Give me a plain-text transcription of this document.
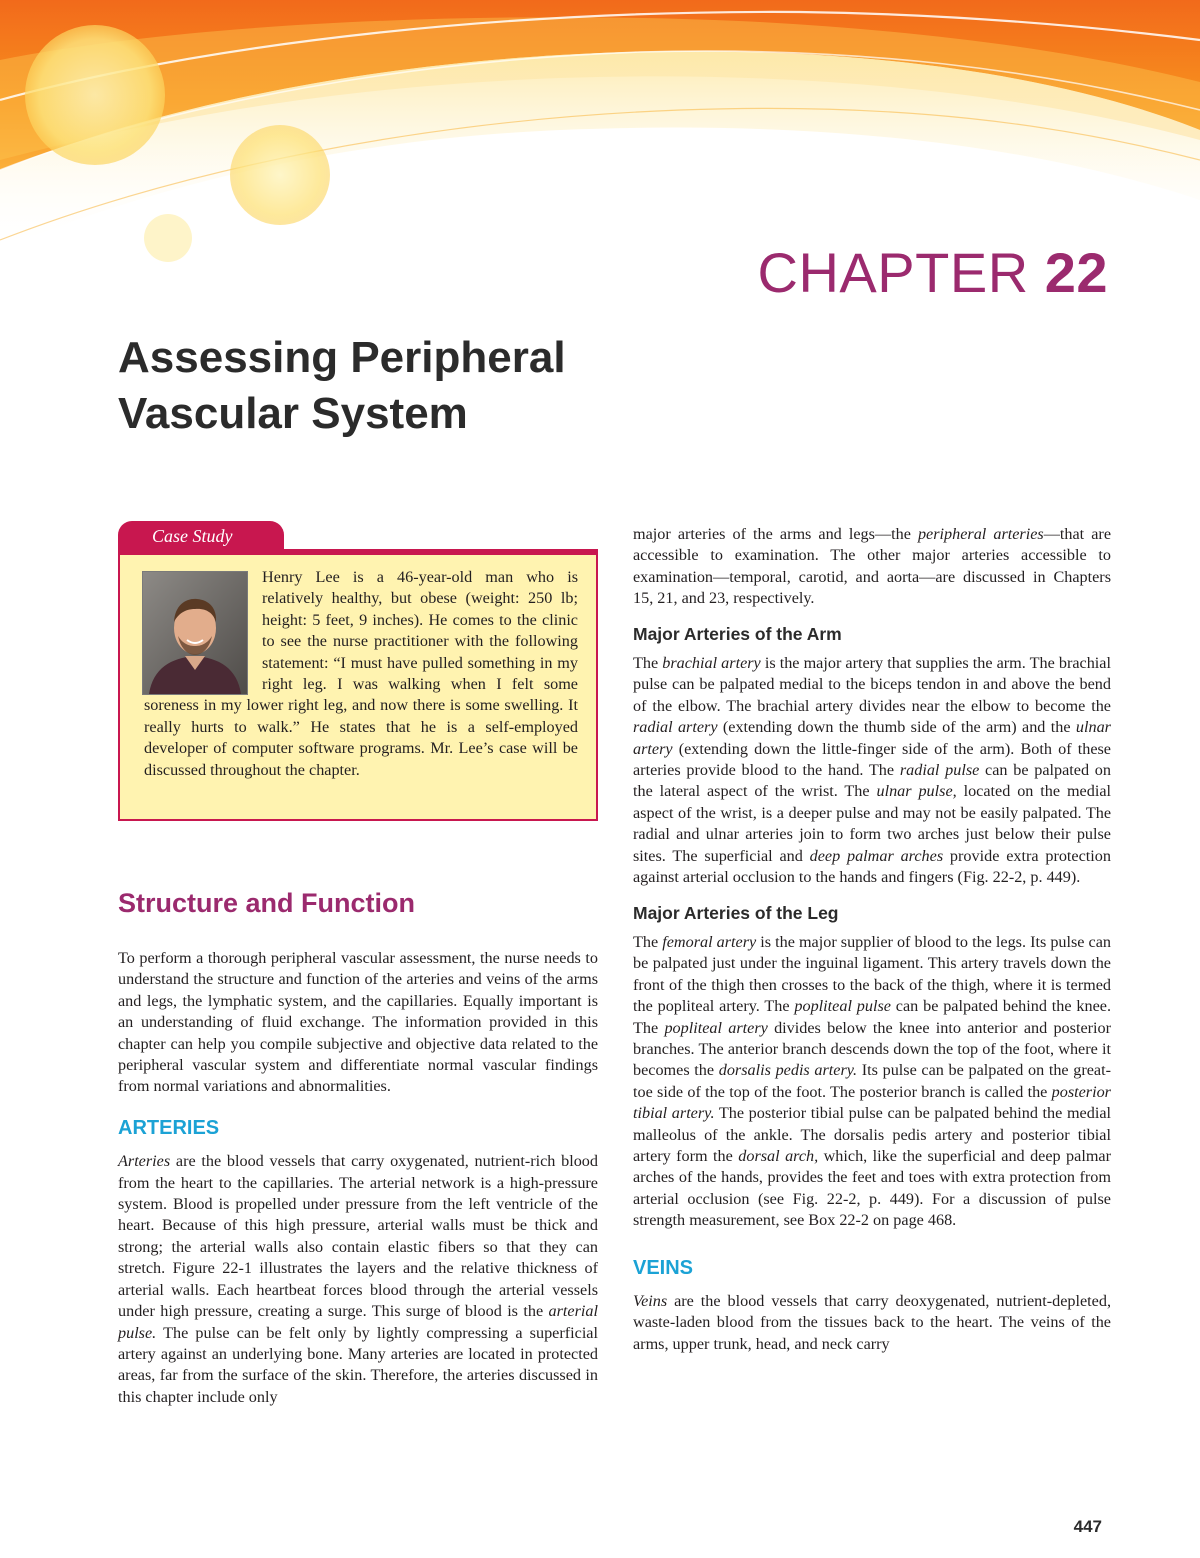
CHAPTER 22
Assessing Peripheral
Vascular System
Case Study

Henry Lee is a 46-year-old man who is relatively healthy, but obese (weight: 250 lb; height: 5 feet, 9 inches). He comes to the clinic to see the nurse practitioner with the following statement: “I must have pulled something in my right leg. I was walking when I felt some soreness in my lower right leg, and now there is some swelling. It really hurts to walk.” He states that he is a self-employed developer of computer software programs. Mr. Lee’s case will be discussed throughout the chapter.

Structure and Function

To perform a thorough peripheral vascular assessment, the nurse needs to understand the structure and function of the arteries and veins of the arms and legs, the lymphatic system, and the capillaries. Equally important is an understanding of fluid exchange. The information provided in this chapter can help you compile subjective and objective data related to the peripheral vascular system and differentiate normal vascular findings from normal variations and abnormalities.

ARTERIES

Arteries are the blood vessels that carry oxygenated, nutrient-rich blood from the heart to the capillaries. The arterial network is a high-pressure system. Blood is propelled under pressure from the left ventricle of the heart. Because of this high pressure, arterial walls must be thick and strong; the arterial walls also contain elastic fibers so that they can stretch. Figure 22-1 illustrates the layers and the relative thickness of arterial walls. Each heartbeat forces blood through the arterial vessels under high pressure, creating a surge. This surge of blood is the arterial pulse. The pulse can be felt only by lightly compressing a superficial artery against an underlying bone. Many arteries are located in protected areas, far from the surface of the skin. Therefore, the arteries discussed in this chapter include only

major arteries of the arms and legs—the peripheral arteries—that are accessible to examination. The other major arteries accessible to examination—temporal, carotid, and aorta—are discussed in Chapters 15, 21, and 23, respectively.

Major Arteries of the Arm

The brachial artery is the major artery that supplies the arm. The brachial pulse can be palpated medial to the biceps tendon in and above the bend of the elbow. The brachial artery divides near the elbow to become the radial artery (extending down the thumb side of the arm) and the ulnar artery (extending down the little-finger side of the arm). Both of these arteries provide blood to the hand. The radial pulse can be palpated on the lateral aspect of the wrist. The ulnar pulse, located on the medial aspect of the wrist, is a deeper pulse and may not be easily palpated. The radial and ulnar arteries join to form two arches just below their pulse sites. The superficial and deep palmar arches provide extra protection against arterial occlusion to the hands and fingers (Fig. 22-2, p. 449).

Major Arteries of the Leg

The femoral artery is the major supplier of blood to the legs. Its pulse can be palpated just under the inguinal ligament. This artery travels down the front of the thigh then crosses to the back of the thigh, where it is termed the popliteal artery. The popliteal pulse can be palpated behind the knee. The popliteal artery divides below the knee into anterior and posterior branches. The anterior branch descends down the top of the foot, where it becomes the dorsalis pedis artery. Its pulse can be palpated on the great-toe side of the top of the foot. The posterior branch is called the posterior tibial artery. The posterior tibial pulse can be palpated behind the medial malleolus of the ankle. The dorsalis pedis artery and posterior tibial artery form the dorsal arch, which, like the superficial and deep palmar arches of the hands, provides the feet and toes with extra protection from arterial occlusion (see Fig. 22-2, p. 449). For a discussion of pulse strength measurement, see Box 22-2 on page 468.

VEINS

Veins are the blood vessels that carry deoxygenated, nutrient-depleted, waste-laden blood from the tissues back to the heart. The veins of the arms, upper trunk, head, and neck carry

447
